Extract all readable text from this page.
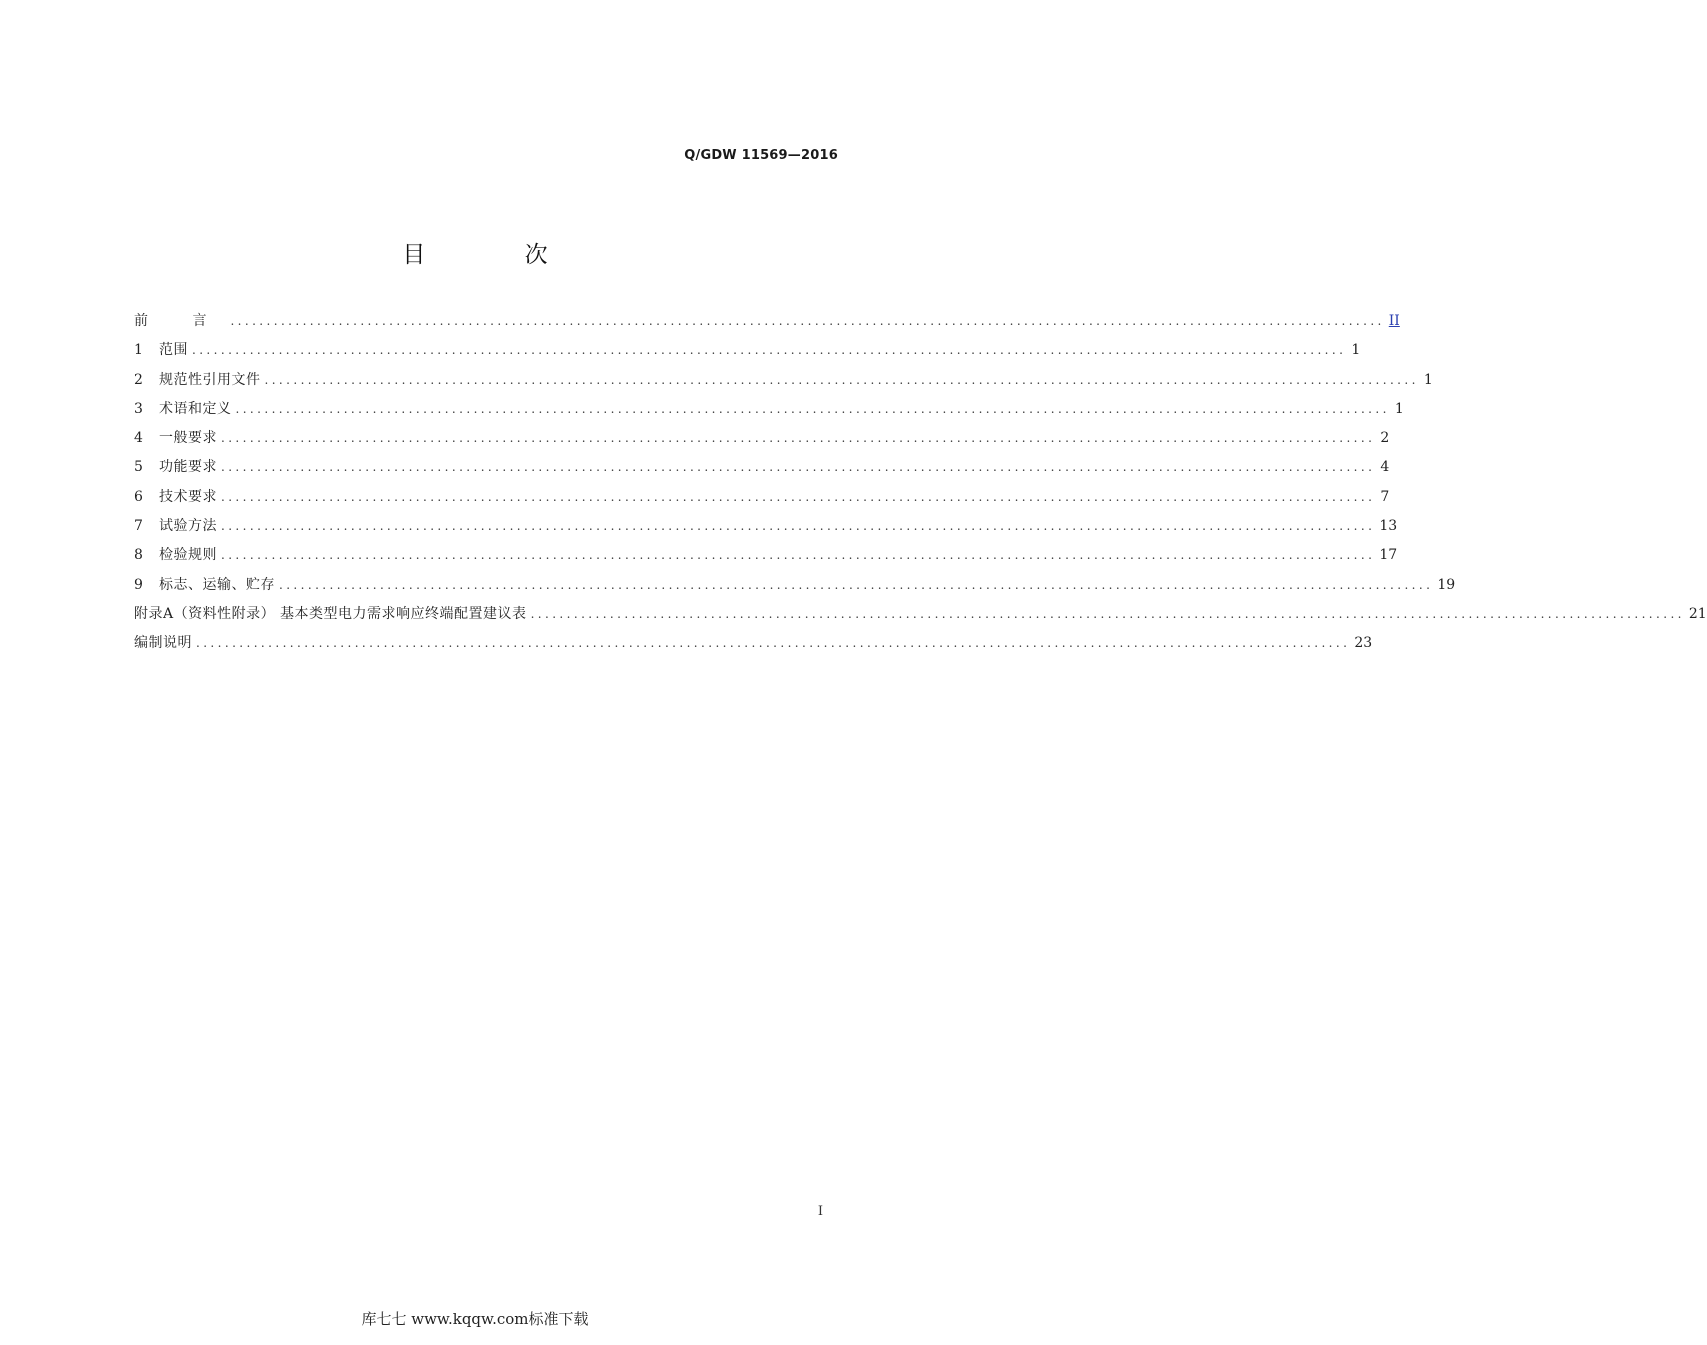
Q/GDW 11569—2016
目 次
前 言 ................................................................................................................................................................ II
1	范围 ................................................................................................................................................................ 1
2	规范性引用文件 ................................................................................................................................................................ 1
3	术语和定义 ................................................................................................................................................................ 1
4	一般要求 ................................................................................................................................................................ 2
5	功能要求 ................................................................................................................................................................ 4
6	技术要求 ................................................................................................................................................................ 7
7	试验方法 ................................................................................................................................................................ 13
8	检验规则 ................................................................................................................................................................ 17
9	标志、运输、贮存 ................................................................................................................................................................ 19
附录A（资料性附录） 基本类型电力需求响应终端配置建议表 ................................................................................................................................................................ 21
编制说明 ................................................................................................................................................................ 23
I
库七七 www.kqqw.com标准下载
